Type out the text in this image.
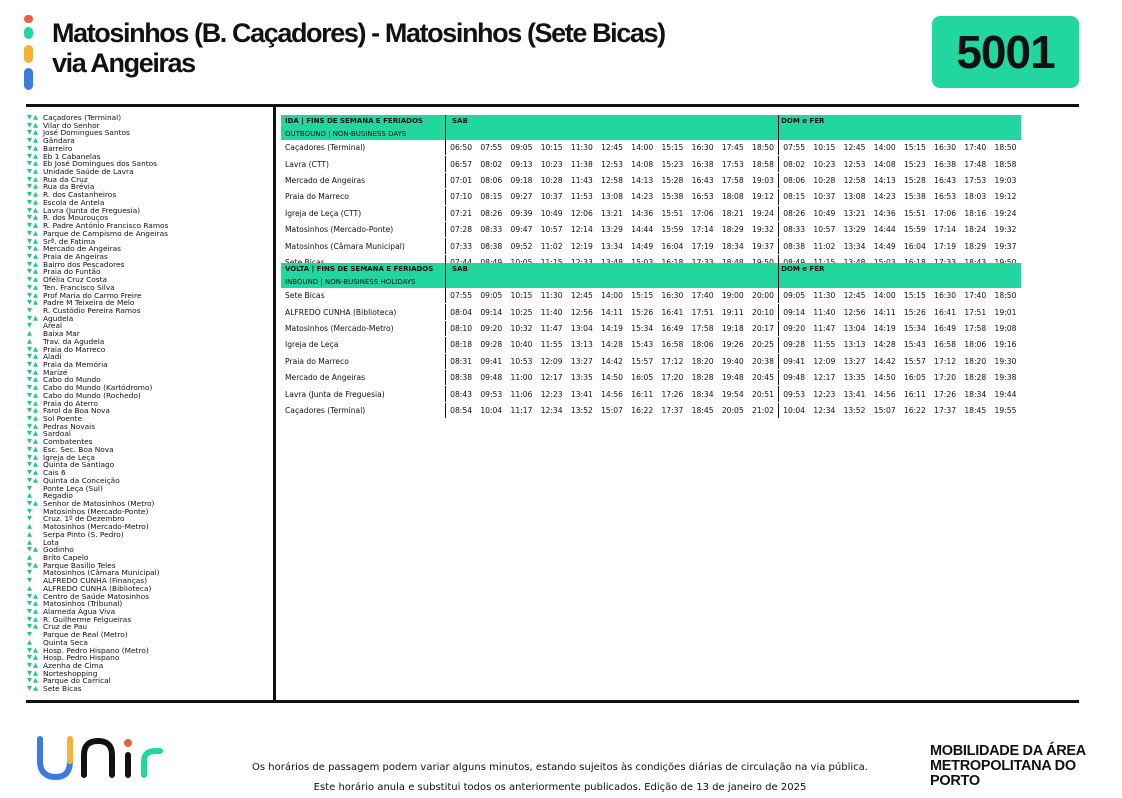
Matosinhos (B. Caçadores) - Matosinhos (Sete Bicas)
via Angeiras	5001
▼▲ Caçadores (Terminal)
▼▲ Vilar do Senhor
▼▲ José Domingues Santos
▼▲ Gândara
▼▲ Barreiro
▼▲ Eb 1 Cabanelas
▼▲ Eb José Domingues dos Santos
▼▲ Unidade Saúde de Lavra
▼▲ Rua da Cruz
▼▲ Rua da Brévia
▼▲ R. dos Castanheiros
▼▲ Escola de Antela
▼▲ Lavra (Junta de Freguesia)
▼▲ R. dos Mourouços
▼▲ R. Padre António Francisco Ramos
▼▲ Parque de Campismo de Angeiras
▼▲ Srª. de Fatima
▼▲ Mercado de Angeiras
▼▲ Praia de Angeiras
▼▲ Bairro dos Pescadores
▼▲ Praia do Funtão
▼▲ Ofélia Cruz Costa
▼▲ Ten. Francisco Silva
▼▲ Prof Maria do Carmo Freire
▼▲ Padre M Teixeira de Melo
▼	R. Custódio Pereira Ramos
▼▲ Agudela
▼	Areal
▲	Baixa Mar
▲	Trav. da Agudela
▼▲ Praia do Marreco
▼▲ Aladi
▼▲ Praia da Memória
▼▲ Marizé
▼▲ Cabo do Mundo
▼▲ Cabo do Mundo (Kartódromo)
▼▲ Cabo do Mundo (Rochedo)
▼▲ Praia do Aterro
▼▲ Farol da Boa Nova
▼▲ Sol Poente
▼▲ Pedras Novais
▼▲ Sardoal
▼▲ Combatentes
▼▲ Esc. Sec. Boa Nova
▼▲ Igreja de Leça
▼▲ Quinta de Santiago
▼▲ Cais 6
▼▲ Quinta da Conceição
▼	Ponte Leça (Sul)
▲	Regadio
▼▲ Senhor de Matosinhos (Metro)
▼	Matosinhos (Mercado-Ponte)
▼	Cruz. 1º de Dezembro
▲	Matosinhos (Mercado-Metro)
▲	Serpa Pinto (S. Pedro)
▲	Lota
▼▲ Godinho
▲	Brito Capelo
▼▲ Parque Basílio Teles
▼	Matosinhos (Câmara Municipal)
▼	ALFREDO CUNHA (Finanças)
▲	ALFREDO CUNHA (Biblioteca)
▼▲ Centro de Saúde Matosinhos
▼▲ Matosinhos (Tribunal)
▼▲ Alameda Água Viva
▼▲ R. Guilherme Felgueiras
▼▲ Cruz de Pau
▼	Parque de Real (Metro)
▲	Quinta Seca
▼▲ Hosp. Pedro Hispano (Metro)
▼▲ Hosp. Pedro Hispano
▼▲ Azenha de Cima
▼▲ Norteshopping
▼▲ Parque do Carrical
▼▲ Sete Bicas
IDA | FINS DE SEMANA E FERIADOS	SAB											DOM e FER							
OUTBOUND | NON-BUSINESS DAYS																			
Caçadores (Terminal)	06:50	07:55	09:05	10:15	11:30	12:45	14:00	15:15	16:30	17:45	18:50	07:55	10:15	12:45	14:00	15:15	16:30	17:40	18:50
Lavra (CTT)	06:57	08:02	09:13	10:23	11:38	12:53	14:08	15:23	16:38	17:53	18:58	08:02	10:23	12:53	14:08	15:23	16:38	17:48	18:58
Mercado de Angeiras	07:01	08:06	09:18	10:28	11:43	12:58	14:13	15:28	16:43	17:58	19:03	08:06	10:28	12:58	14:13	15:28	16:43	17:53	19:03
Praia do Marreco	07:10	08:15	09:27	10:37	11:53	13:08	14:23	15:38	16:53	18:08	19:12	08:15	10:37	13:08	14:23	15:38	16:53	18:03	19:12
Igreja de Leça (CTT)	07:21	08:26	09:39	10:49	12:06	13:21	14:36	15:51	17:06	18:21	19:24	08:26	10:49	13:21	14:36	15:51	17:06	18:16	19:24
Matosinhos (Mercado-Ponte)	07:28	08:33	09:47	10:57	12:14	13:29	14:44	15:59	17:14	18:29	19:32	08:33	10:57	13:29	14:44	15:59	17:14	18:24	19:32
Matosinhos (Câmara Municipal)	07:33	08:38	09:52	11:02	12:19	13:34	14:49	16:04	17:19	18:34	19:37	08:38	11:02	13:34	14:49	16:04	17:19	18:29	19:37

VOLTA | FINS DE SEMANA E FERIADOS	SAB											DOM e FER							
INBOUND | NON-BUSINESS HOLIDAYS																			
Sete Bicas	07:55	09:05	10:15	11:30	12:45	14:00	15:15	16:30	17:40	19:00	20:00	09:05	11:30	12:45	14:00	15:15	16:30	17:40	18:50
ALFREDO CUNHA (Biblioteca)	08:04	09:14	10:25	11:40	12:56	14:11	15:26	16:41	17:51	19:11	20:10	09:14	11:40	12:56	14:11	15:26	16:41	17:51	19:01
Matosinhos (Mercado-Metro)	08:10	09:20	10:32	11:47	13:04	14:19	15:34	16:49	17:58	19:18	20:17	09:20	11:47	13:04	14:19	15:34	16:49	17:58	19:08
Igreja de Leça	08:18	09:28	10:40	11:55	13:13	14:28	15:43	16:58	18:06	19:26	20:25	09:28	11:55	13:13	14:28	15:43	16:58	18:06	19:16
Praia do Marreco	08:31	09:41	10:53	12:09	13:27	14:42	15:57	17:12	18:20	19:40	20:38	09:41	12:09	13:27	14:42	15:57	17:12	18:20	19:30
Mercado de Angeiras	08:38	09:48	11:00	12:17	13:35	14:50	16:05	17:20	18:28	19:48	20:45	09:48	12:17	13:35	14:50	16:05	17:20	18:28	19:38
Lavra (Junta de Freguesia)	08:43	09:53	11:06	12:23	13:41	14:56	16:11	17:26	18:34	19:54	20:51	09:53	12:23	13:41	14:56	16:11	17:26	18:34	19:44
Caçadores (Terminal)	08:54	10:04	11:17	12:34	13:52	15:07	16:22	17:37	18:45	20:05	21:02	10:04	12:34	13:52	15:07	16:22	17:37	18:45	19:55
Os horários de passagem podem variar alguns minutos, estando sujeitos às condições diárias de circulação na via pública.
Este horário anula e substitui todos os anteriormente publicados. Edição de 13 de janeiro de 2025
MOBILIDADE DA ÁREA
METROPOLITANA DO PORTO
